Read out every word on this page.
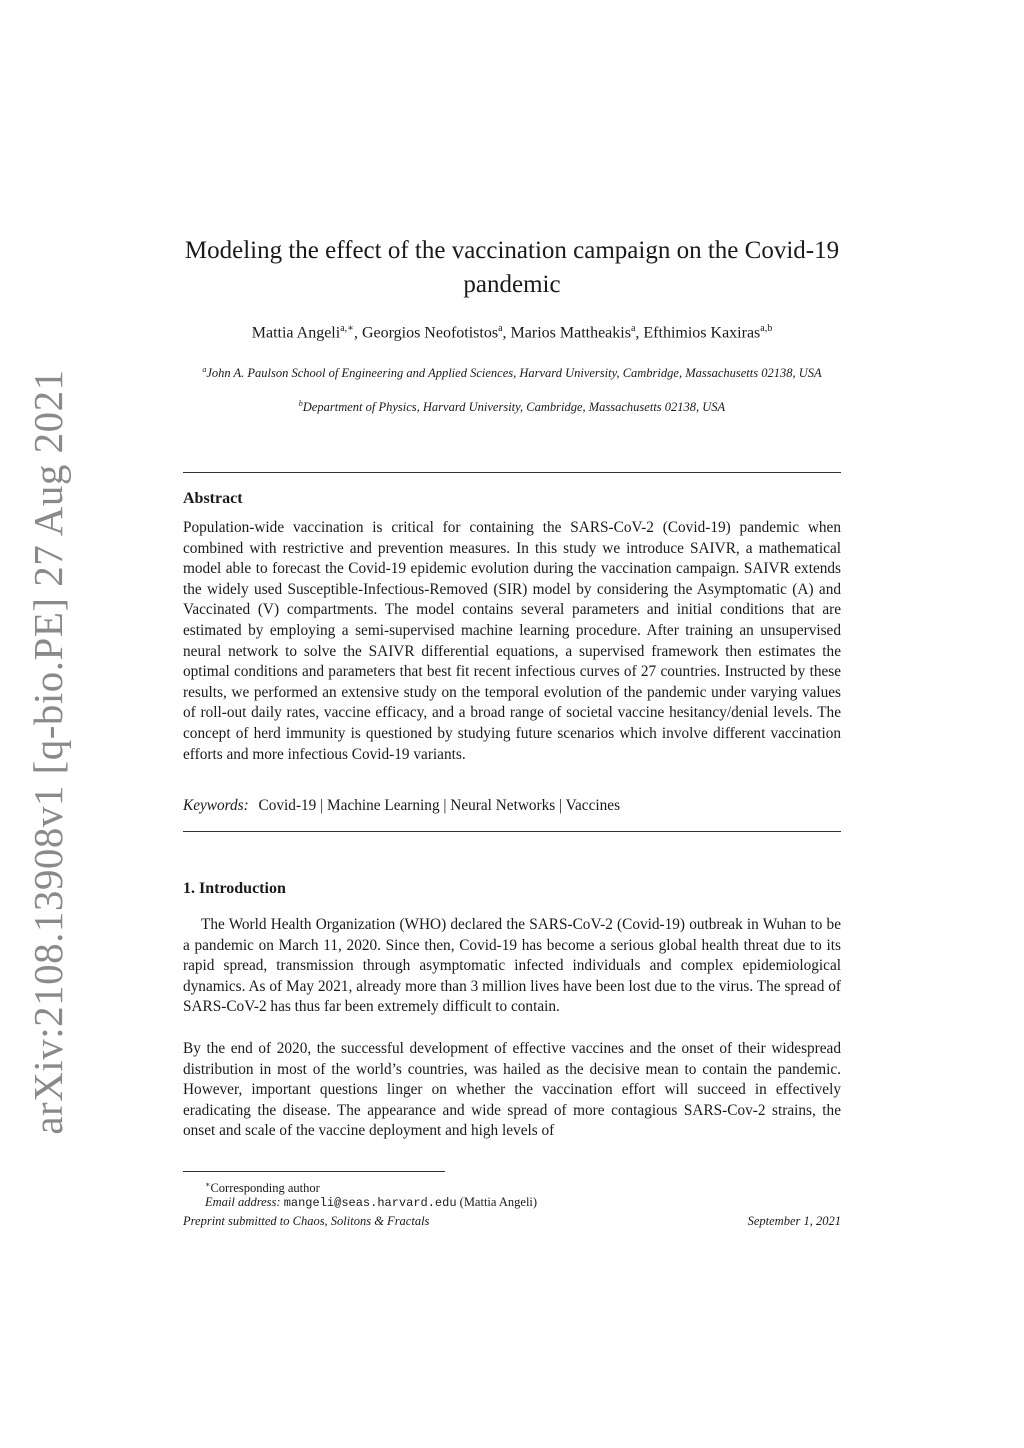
arXiv:2108.13908v1 [q-bio.PE] 27 Aug 2021
Modeling the effect of the vaccination campaign on the Covid-19 pandemic
Mattia Angeli$^{a,∗}$, Georgios Neofotistos$^a$, Marios Mattheakis$^a$, Efthimios Kaxiras$^{a,b}$
$^a$John A. Paulson School of Engineering and Applied Sciences, Harvard University, Cambridge, Massachusetts 02138, USA
$^b$Department of Physics, Harvard University, Cambridge, Massachusetts 02138, USA
Abstract

Population-wide vaccination is critical for containing the SARS-CoV-2 (Covid-19) pandemic when combined with restrictive and prevention measures. In this study we introduce SAIVR, a mathematical model able to forecast the Covid-19 epidemic evolution during the vaccination campaign. SAIVR extends the widely used Susceptible-Infectious-Removed (SIR) model by considering the Asymptomatic (A) and Vaccinated (V) compartments. The model contains several parameters and initial conditions that are estimated by employing a semi-supervised machine learning procedure. After training an unsupervised neural network to solve the SAIVR differential equations, a supervised framework then estimates the optimal conditions and parameters that best fit recent infectious curves of 27 countries. Instructed by these results, we performed an extensive study on the temporal evolution of the pandemic under varying values of roll-out daily rates, vaccine efficacy, and a broad range of societal vaccine hesitancy/denial levels. The concept of herd immunity is questioned by studying future scenarios which involve different vaccination efforts and more infectious Covid-19 variants.

Keywords: Covid-19 | Machine Learning | Neural Networks | Vaccines
1. Introduction

The World Health Organization (WHO) declared the SARS-CoV-2 (Covid-19) outbreak in Wuhan to be a pandemic on March 11, 2020. Since then, Covid-19 has become a serious global health threat due to its rapid spread, transmission through asymptomatic infected individuals and complex epidemiological dynamics. As of May 2021, already more than 3 million lives have been lost due to the virus. The spread of SARS-CoV-2 has thus far been extremely difficult to contain.

By the end of 2020, the successful development of effective vaccines and the onset of their widespread distribution in most of the world’s countries, was hailed as the decisive mean to contain the pandemic. However, important questions linger on whether the vaccination effort will succeed in effectively eradicating the disease. The appearance and wide spread of more contagious SARS-Cov-2 strains, the onset and scale of the vaccine deployment and high levels of

∗Corresponding author
Email address: mangeli@seas.harvard.edu (Mattia Angeli)
Preprint submitted to Chaos, Solitons & Fractals	September 1, 2021
